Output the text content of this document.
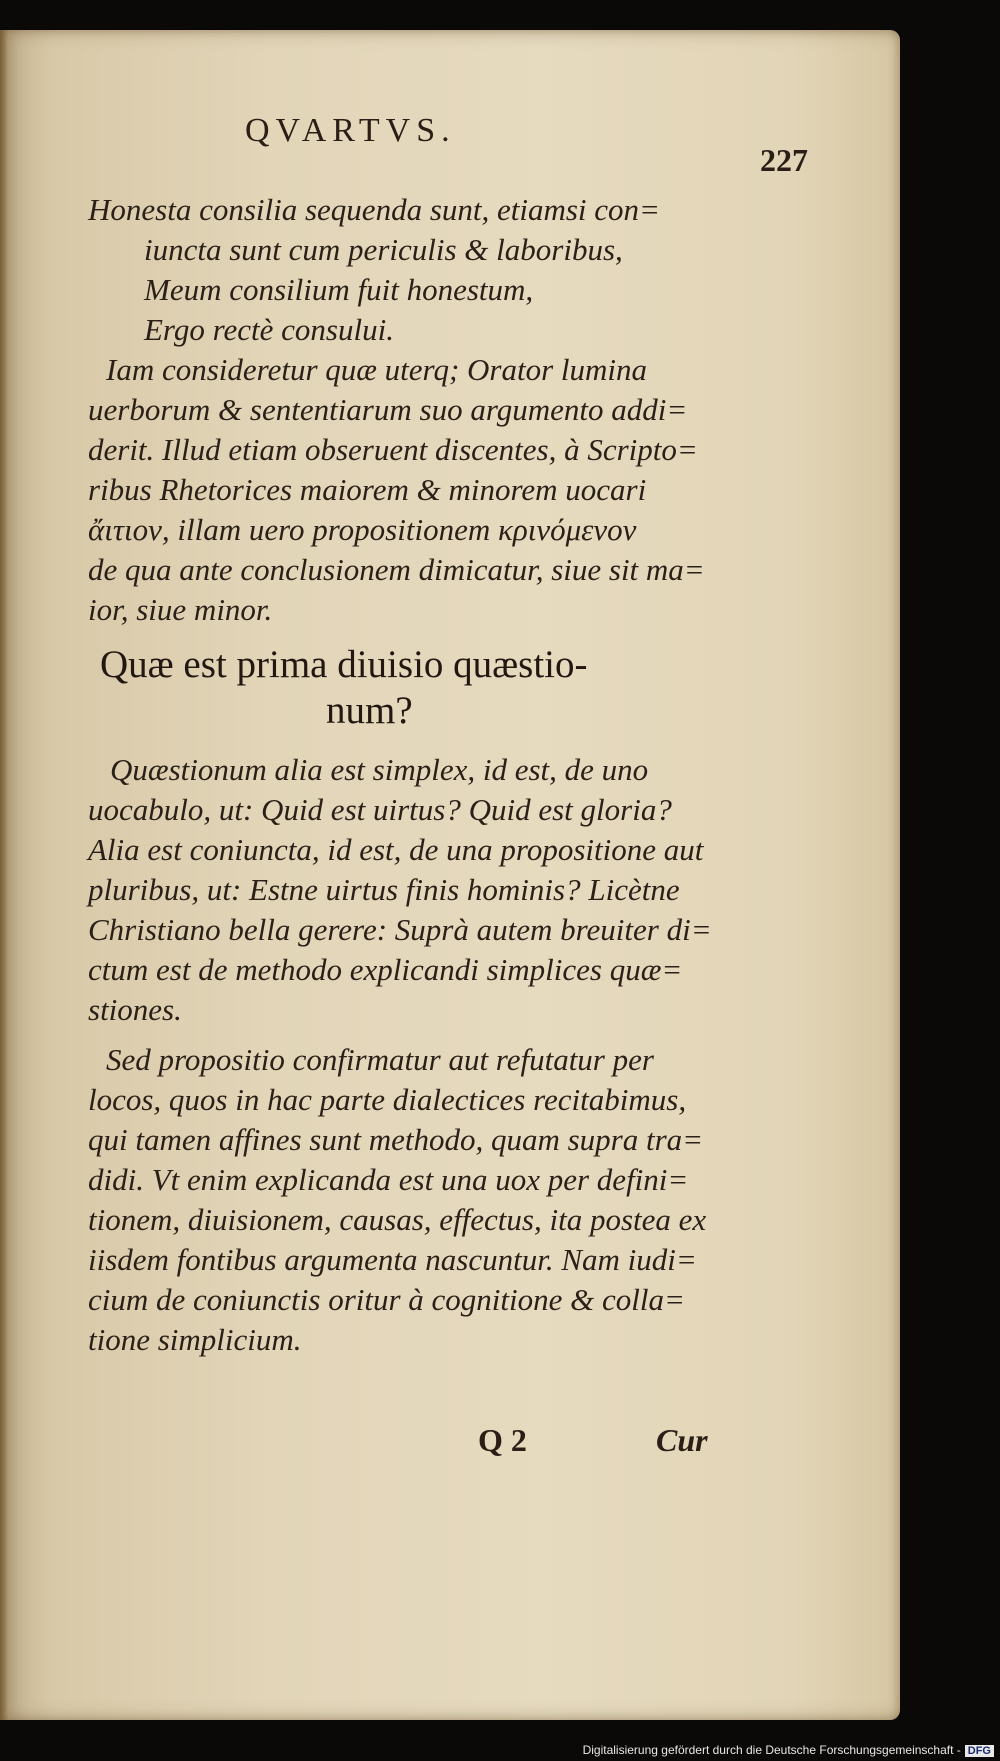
QVARTVS.
227
Honesta consilia sequenda sunt, etiamsi con=
iuncta sunt cum periculis & laboribus,
Meum consilium fuit honestum,
Ergo rectè consului.
Iam consideretur quæ uterq; Orator lumina
uerborum & sententiarum suo argumento addi=
derit. Illud etiam obseruent discentes, à Scripto=
ribus Rhetorices maiorem & minorem uocari
ἄιτιον, illam uero propositionem κρινόμενον
de qua ante conclusionem dimicatur, siue sit ma=
ior, siue minor.
Quæ est prima diuisio quæstio-
num?
Quæstionum alia est simplex, id est, de uno
uocabulo, ut: Quid est uirtus? Quid est gloria?
Alia est coniuncta, id est, de una propositione aut
pluribus, ut: Estne uirtus finis hominis? Licètne
Christiano bella gerere: Suprà autem breuiter di=
ctum est de methodo explicandi simplices quæ=
stiones.
Sed propositio confirmatur aut refutatur per
locos, quos in hac parte dialectices recitabimus,
qui tamen affines sunt methodo, quam supra tra=
didi. Vt enim explicanda est una uox per defini=
tionem, diuisionem, causas, effectus, ita postea ex
iisdem fontibus argumenta nascuntur. Nam iudi=
cium de coniunctis oritur à cognitione & colla=
tione simplicium.
Q 2	Cur
Digitalisierung gefördert durch die Deutsche Forschungsgemeinschaft - DFG
